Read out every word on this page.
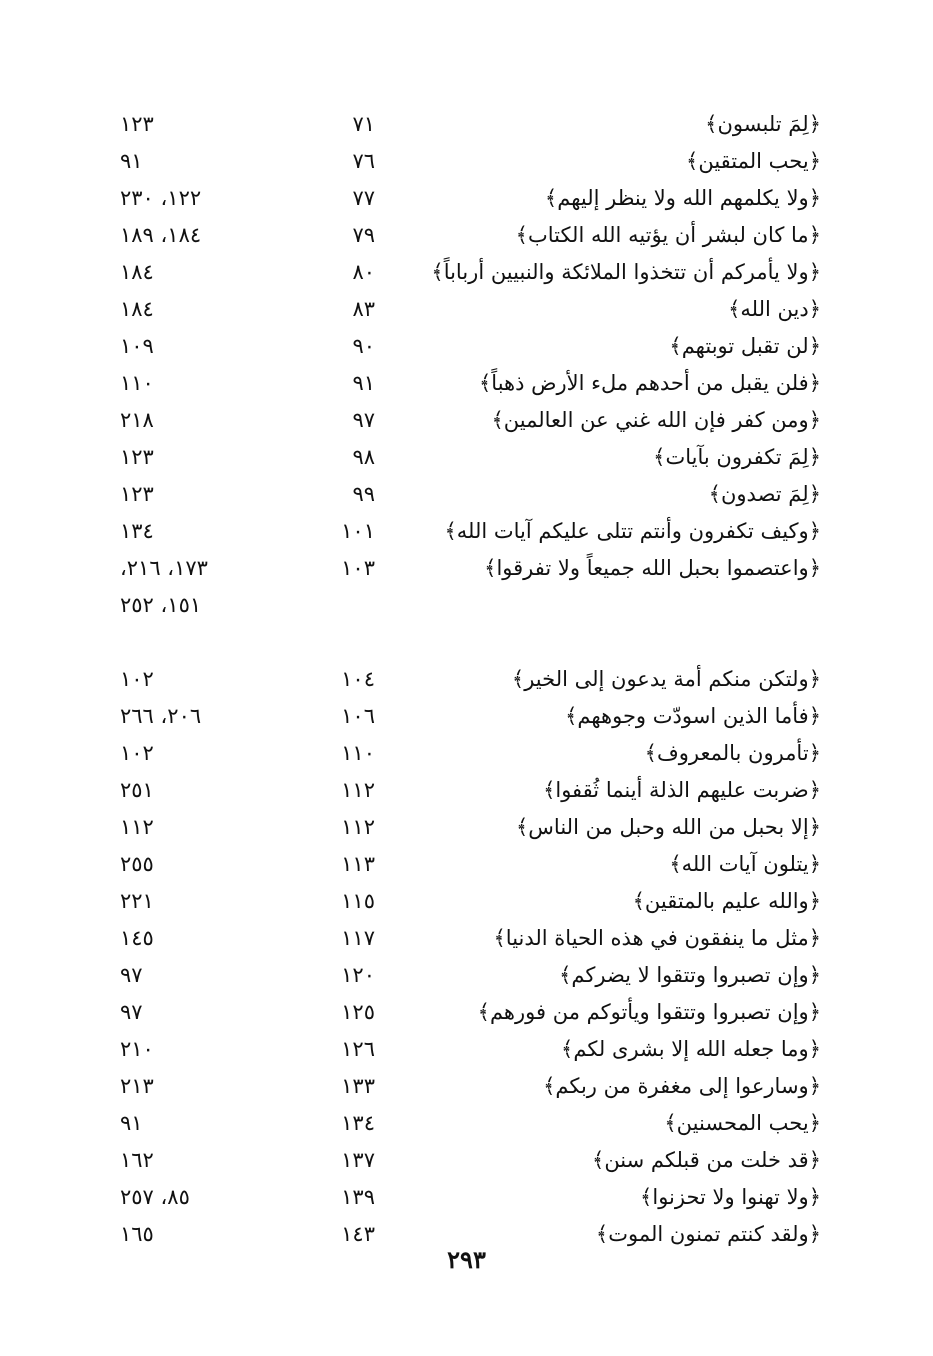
﴿لِمَ تلبسون﴾
٧١
١٢٣
﴿يحب المتقين﴾
٧٦
٩١
﴿ولا يكلمهم الله ولا ينظر إليهم﴾
٧٧
١٢٢، ٢٣٠
﴿ما كان لبشر أن يؤتيه الله الكتاب﴾
٧٩
١٨٤، ١٨٩
﴿ولا يأمركم أن تتخذوا الملائكة والنبيين أرباباً﴾
٨٠
١٨٤
﴿دين الله﴾
٨٣
١٨٤
﴿لن تقبل توبتهم﴾
٩٠
١٠٩
﴿فلن يقبل من أحدهم ملء الأرض ذهباً﴾
٩١
١١٠
﴿ومن كفر فإن الله غني عن العالمين﴾
٩٧
٢١٨
﴿لِمَ تكفرون بآيات﴾
٩٨
١٢٣
﴿لِمَ تصدون﴾
٩٩
١٢٣
﴿وكيف تكفرون وأنتم تتلى عليكم آيات الله﴾
١٠١
١٣٤
﴿واعتصموا بحبل الله جميعاً ولا تفرقوا﴾
١٠٣
١٧٣، ٢١٦،
١٥١، ٢٥٢
﴿ولتكن منكم أمة يدعون إلى الخير﴾
١٠٤
١٠٢
﴿فأما الذين اسودّت وجوههم﴾
١٠٦
٢٠٦، ٢٦٦
﴿تأمرون بالمعروف﴾
١١٠
١٠٢
﴿ضربت عليهم الذلة أينما ثُقفوا﴾
١١٢
٢٥١
﴿إلا بحبل من الله وحبل من الناس﴾
١١٢
١١٢
﴿يتلون آيات الله﴾
١١٣
٢٥٥
﴿والله عليم بالمتقين﴾
١١٥
٢٢١
﴿مثل ما ينفقون في هذه الحياة الدنيا﴾
١١٧
١٤٥
﴿وإن تصبروا وتتقوا لا يضركم﴾
١٢٠
٩٧
﴿وإن تصبروا وتتقوا ويأتوكم من فورهم﴾
١٢٥
٩٧
﴿وما جعله الله إلا بشرى لكم﴾
١٢٦
٢١٠
﴿وسارعوا إلى مغفرة من ربكم﴾
١٣٣
٢١٣
﴿يحب المحسنين﴾
١٣٤
٩١
﴿قد خلت من قبلكم سنن﴾
١٣٧
١٦٢
﴿ولا تهنوا ولا تحزنوا﴾
١٣٩
٨٥، ٢٥٧
﴿ولقد كنتم تمنون الموت﴾
١٤٣
١٦٥
٢٩٣
